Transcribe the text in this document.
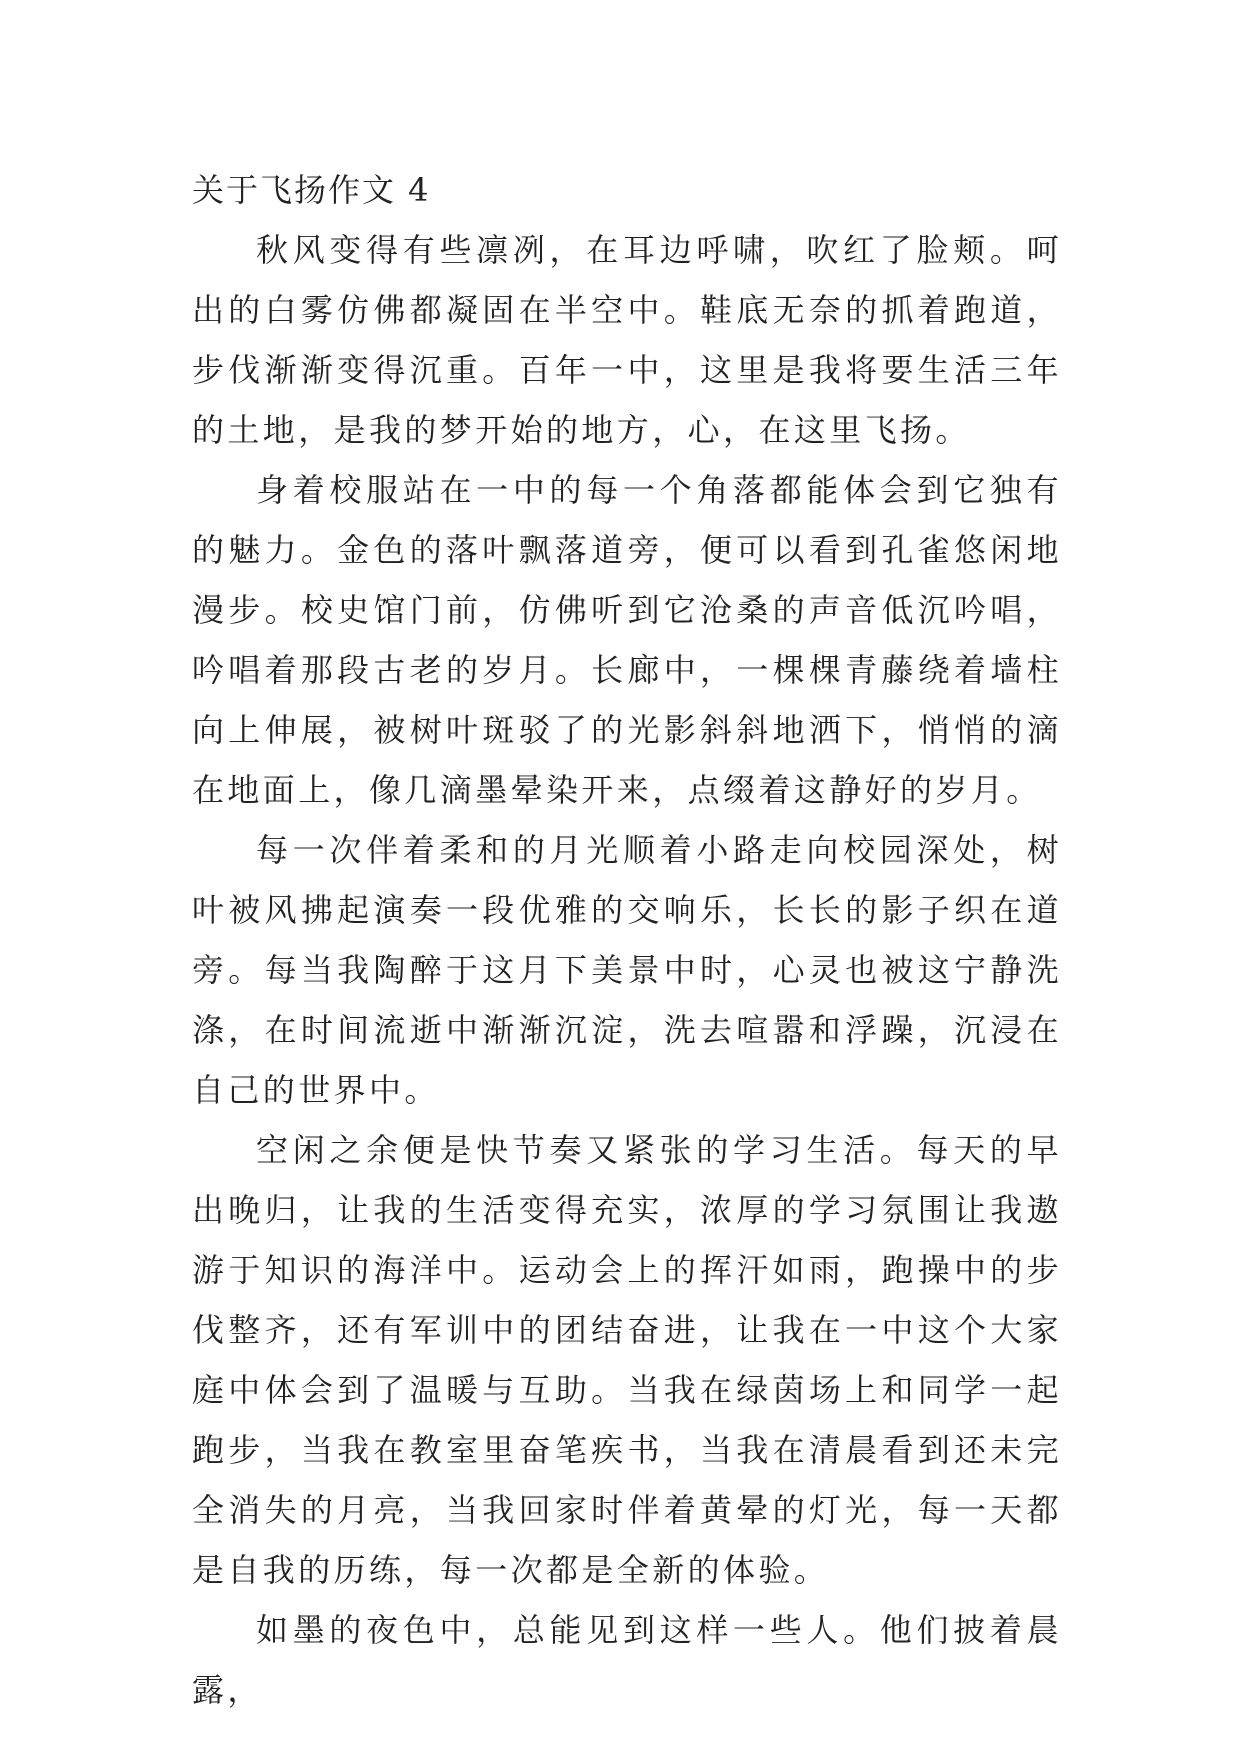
关于飞扬作文 4

秋风变得有些凛冽，在耳边呼啸，吹红了脸颊。呵出的白雾仿佛都凝固在半空中。鞋底无奈的抓着跑道，步伐渐渐变得沉重。百年一中，这里是我将要生活三年的土地，是我的梦开始的地方，心，在这里飞扬。

身着校服站在一中的每一个角落都能体会到它独有的魅力。金色的落叶飘落道旁，便可以看到孔雀悠闲地漫步。校史馆门前，仿佛听到它沧桑的声音低沉吟唱，吟唱着那段古老的岁月。长廊中，一棵棵青藤绕着墙柱向上伸展，被树叶斑驳了的光影斜斜地洒下，悄悄的滴在地面上，像几滴墨晕染开来，点缀着这静好的岁月。

每一次伴着柔和的月光顺着小路走向校园深处，树叶被风拂起演奏一段优雅的交响乐，长长的影子织在道旁。每当我陶醉于这月下美景中时，心灵也被这宁静洗涤，在时间流逝中渐渐沉淀，洗去喧嚣和浮躁，沉浸在自己的世界中。

空闲之余便是快节奏又紧张的学习生活。每天的早出晚归，让我的生活变得充实，浓厚的学习氛围让我遨游于知识的海洋中。运动会上的挥汗如雨，跑操中的步伐整齐，还有军训中的团结奋进，让我在一中这个大家庭中体会到了温暖与互助。当我在绿茵场上和同学一起跑步，当我在教室里奋笔疾书，当我在清晨看到还未完全消失的月亮，当我回家时伴着黄晕的灯光，每一天都是自我的历练，每一次都是全新的体验。

如墨的夜色中，总能见到这样一些人。他们披着晨露，
